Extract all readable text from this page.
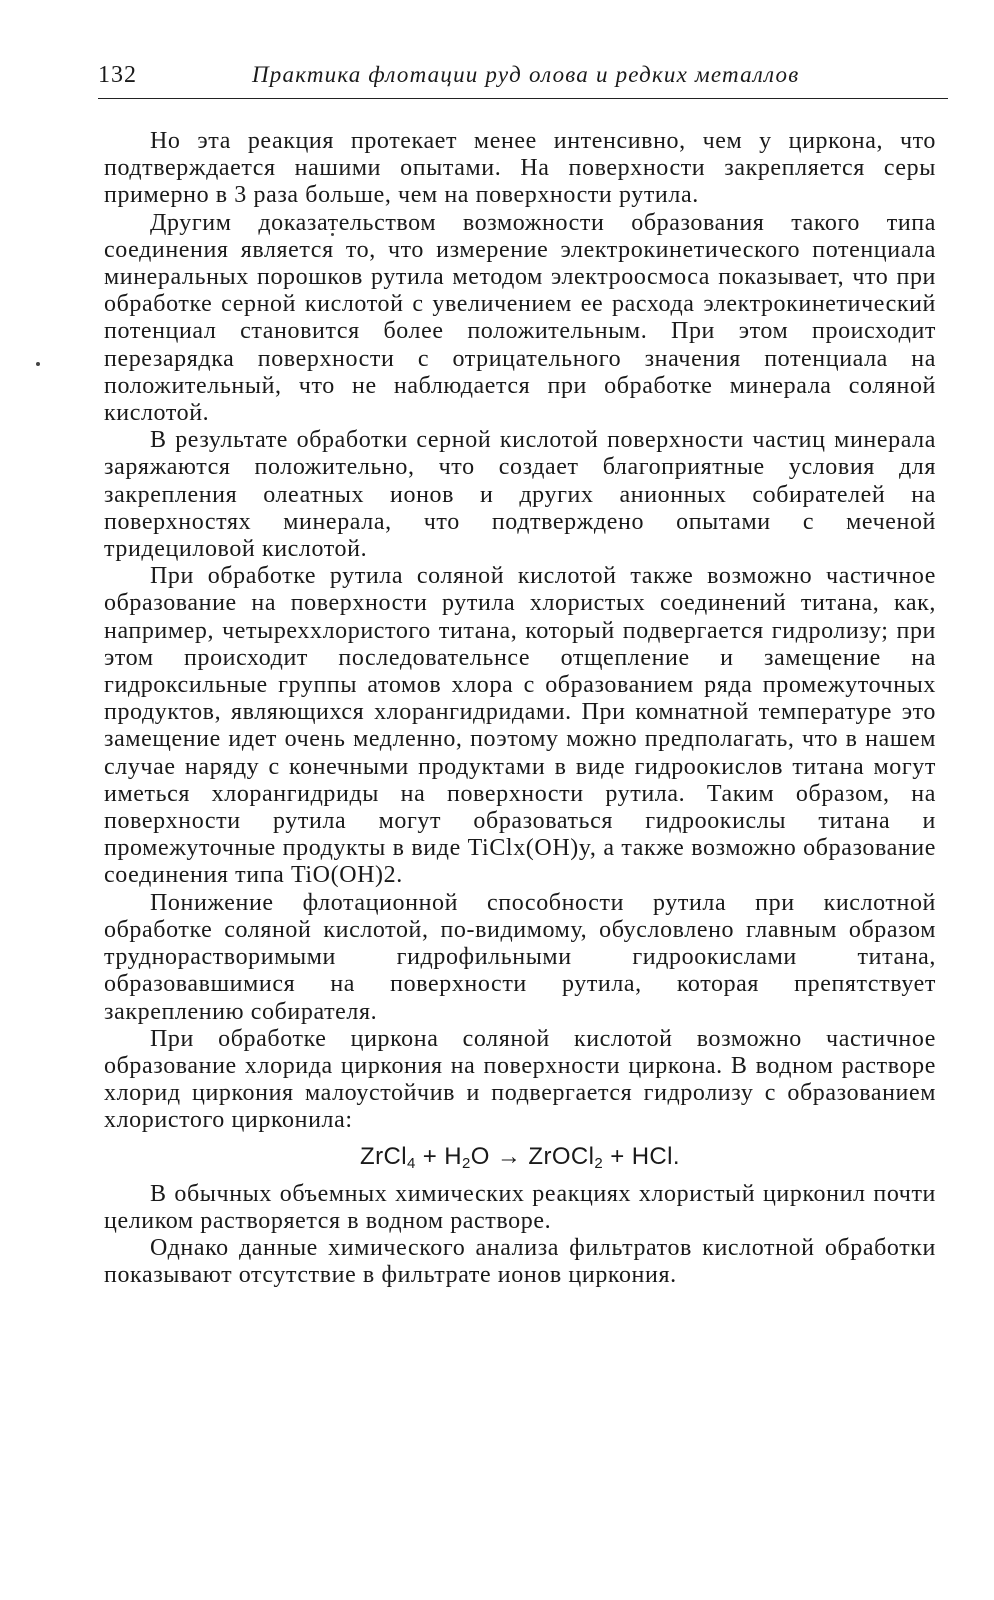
132	Практика флотации руд олова и редких металлов

Но эта реакция протекает менее интенсивно, чем у циркона, что подтверждается нашими опытами. На поверхности закрепляется серы примерно в 3 раза больше, чем на поверхности рутила.

Другим доказательством возможности образования такого типа соединения является то, что измерение электрокинетического потенциала минеральных порошков рутила методом электроосмоса показывает, что при обработке серной кислотой с увеличением ее расхода электрокинетический потенциал становится более положительным. При этом происходит перезарядка поверхности с отрицательного значения потенциала на положительный, что не наблюдается при обработке минерала соляной кислотой.

В результате обработки серной кислотой поверхности частиц минерала заряжаются положительно, что создает благоприятные условия для закрепления олеатных ионов и других анионных собирателей на поверхностях минерала, что подтверждено опытами с меченой тридециловой кислотой.

При обработке рутила соляной кислотой также возможно частичное образование на поверхности рутила хлористых соединений титана, как, например, четыреххлористого титана, который подвергается гидролизу; при этом происходит последовательнсе отщепление и замещение на гидроксильные группы атомов хлора с образованием ряда промежуточных продуктов, являющихся хлорангидридами. При комнатной температуре это замещение идет очень медленно, поэтому можно предполагать, что в нашем случае наряду с конечными продуктами в виде гидроокислов титана могут иметься хлорангидриды на поверхности рутила. Таким образом, на поверхности рутила могут образоваться гидроокислы титана и промежуточные продукты в виде TiClx(OH)y, а также возможно образование соединения типа TiO(OH)2.

Понижение флотационной способности рутила при кислотной обработке соляной кислотой, по-видимому, обусловлено главным образом труднорастворимыми гидрофильными гидроокислами титана, образовавшимися на поверхности рутила, которая препятствует закреплению собирателя.

При обработке циркона соляной кислотой возможно частичное образование хлорида циркония на поверхности циркона. В водном растворе хлорид циркония малоустойчив и подвергается гидролизу с образованием хлористого цирконила:

ZrCl$_4$ + $H_2O$ → ZrOCl$_2$ + HCl.

В обычных объемных химических реакциях хлористый цирконил почти целиком растворяется в водном растворе.

Однако данные химического анализа фильтратов кислотной обработки показывают отсутствие в фильтрате ионов циркония.
